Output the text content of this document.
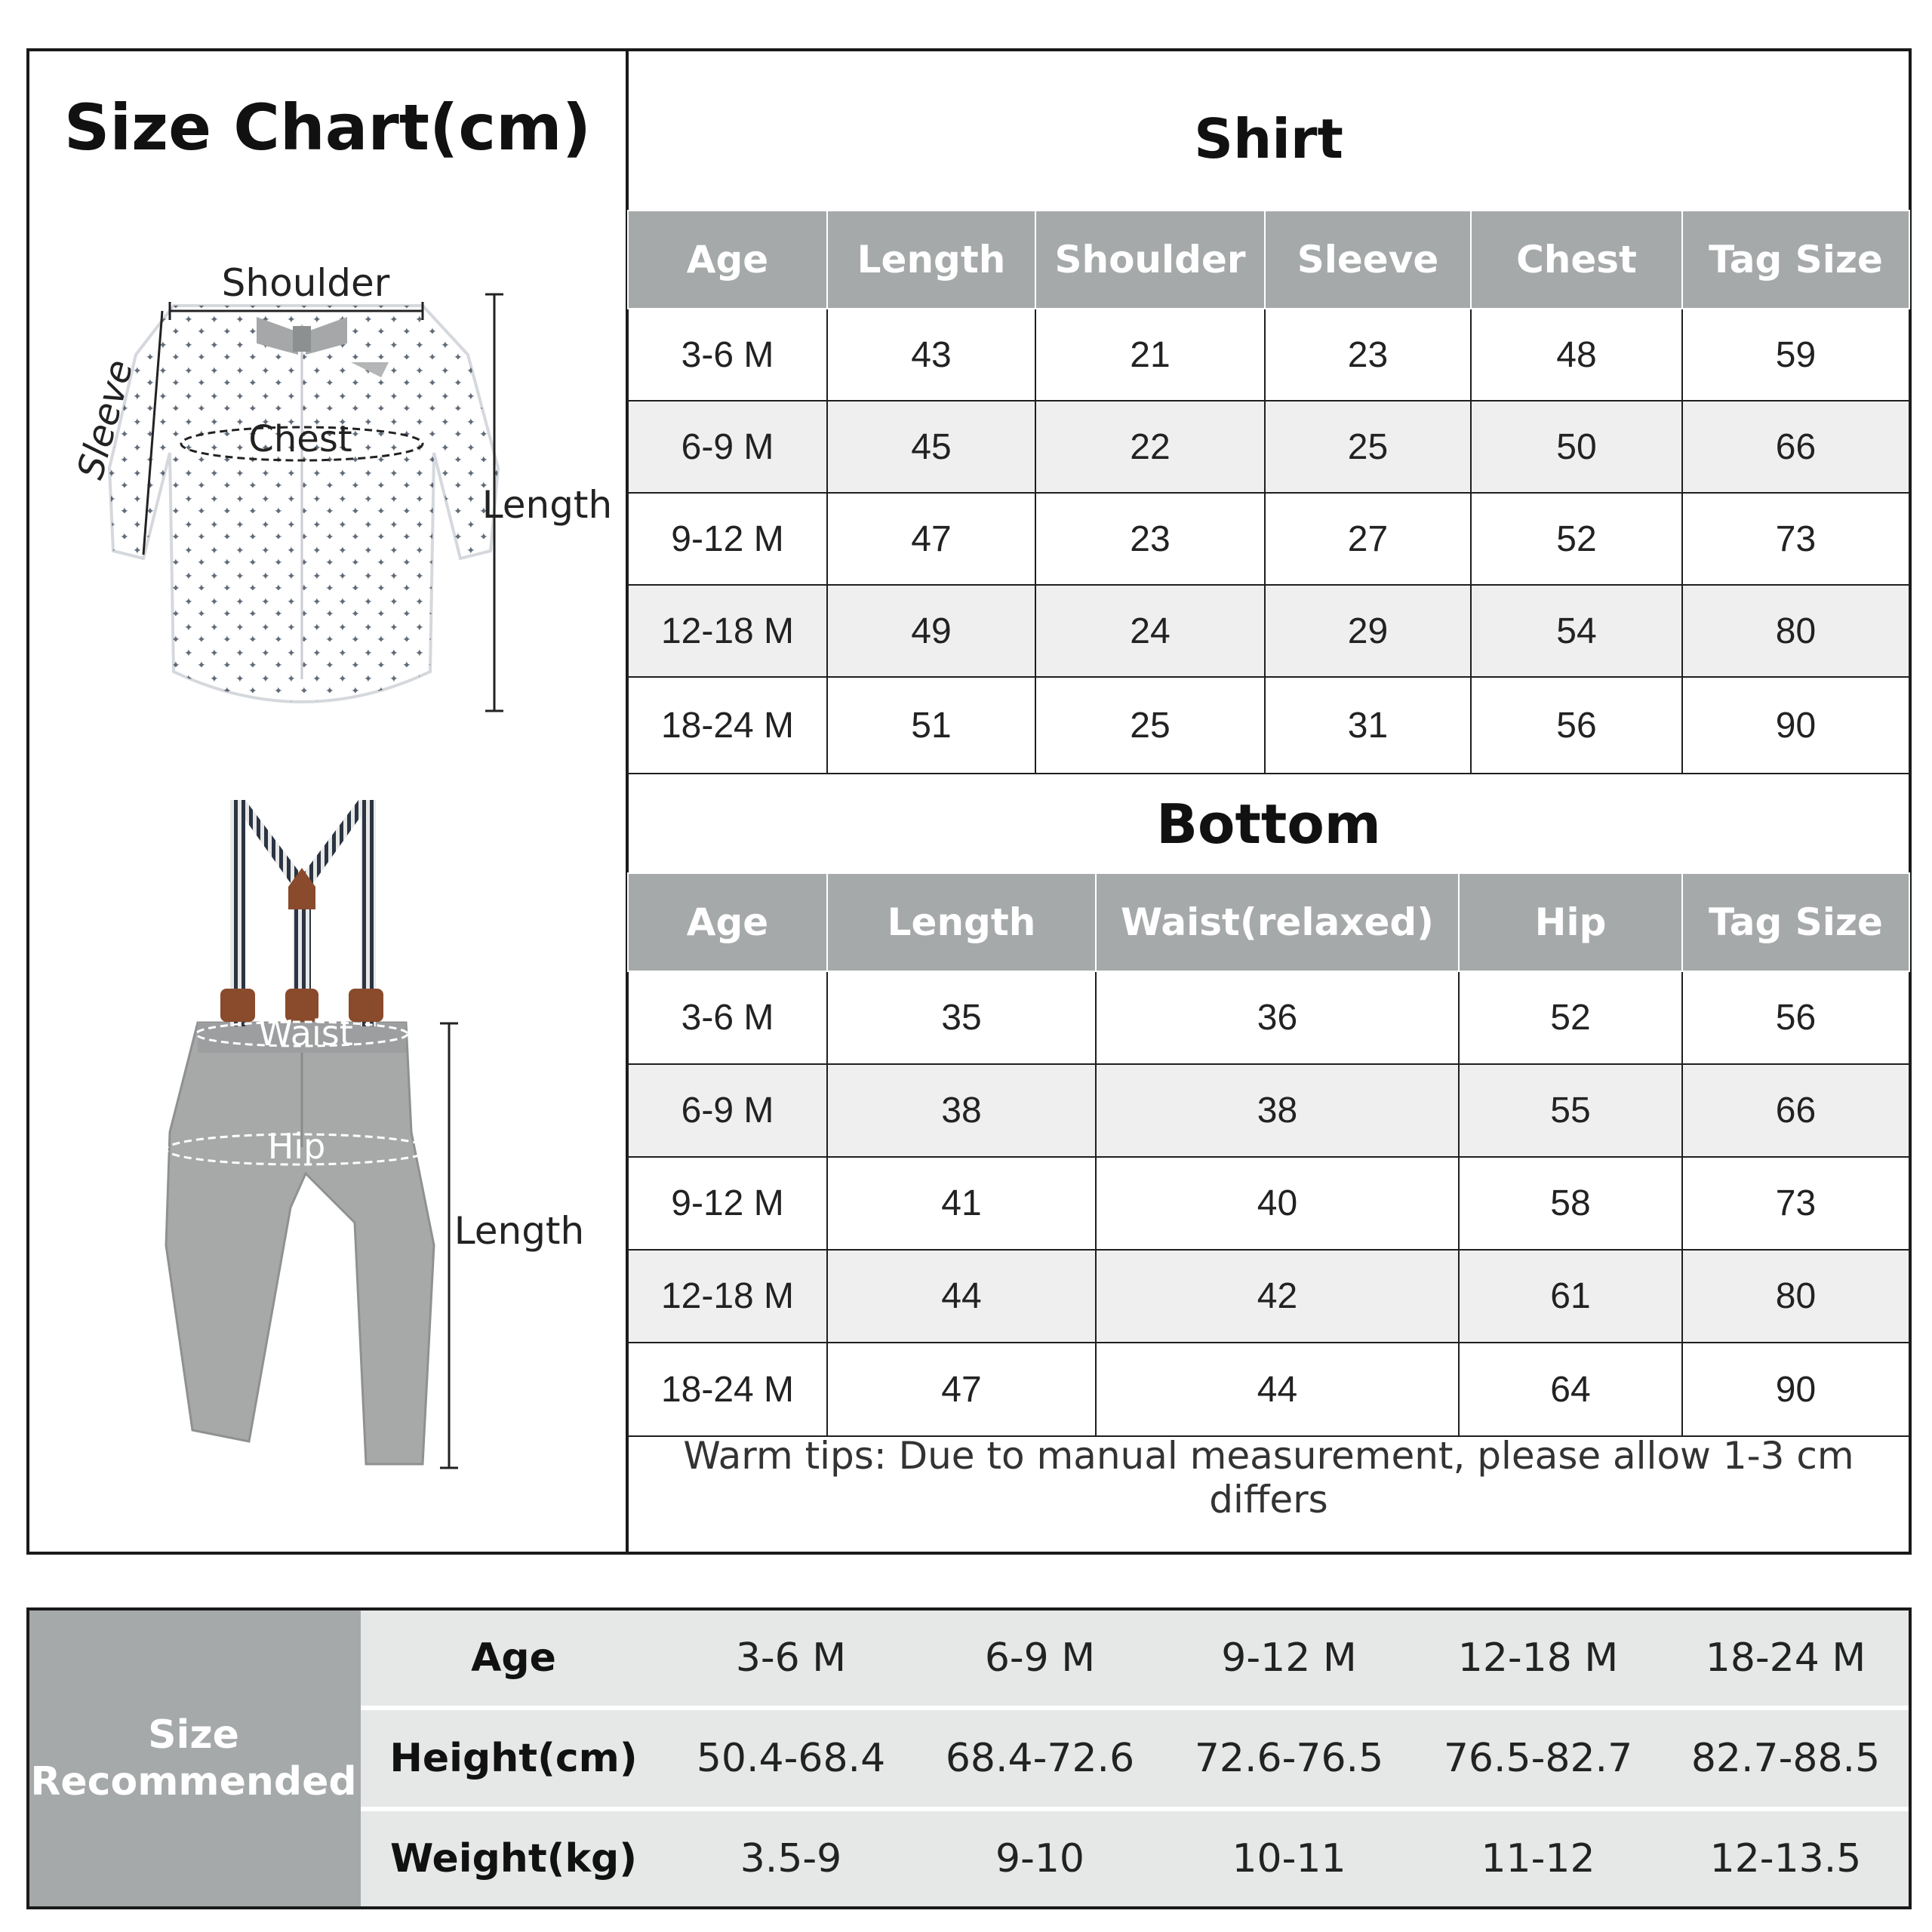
Size Chart(cm)
Shoulder
Sleeve	Chest
Length
Waist
Hip
Length
Shirt
Age	Length	Shoulder	Sleeve	Chest	Tag Size
3-6 M	43	21	23	48	59
6-9 M	45	22	25	50	66
9-12 M	47	23	27	52	73
12-18 M	49	24	29	54	80
18-24 M	51	25	31	56	90
Bottom
Age	Length	Waist(relaxed)	Hip	Tag Size
3-6 M	35	36	52	56
6-9 M	38	38	55	66
9-12 M	41	40	58	73
12-18 M	44	42	61	80
18-24 M	47	44	64	90
Warm tips: Due to manual measurement, please allow 1-3 cm differs
Size
Recommended
Age	3-6 M	6-9 M	9-12 M	12-18 M	18-24 M
Height(cm)	50.4-68.4	68.4-72.6	72.6-76.5	76.5-82.7	82.7-88.5
Weight(kg)	3.5-9	9-10	10-11	11-12	12-13.5
